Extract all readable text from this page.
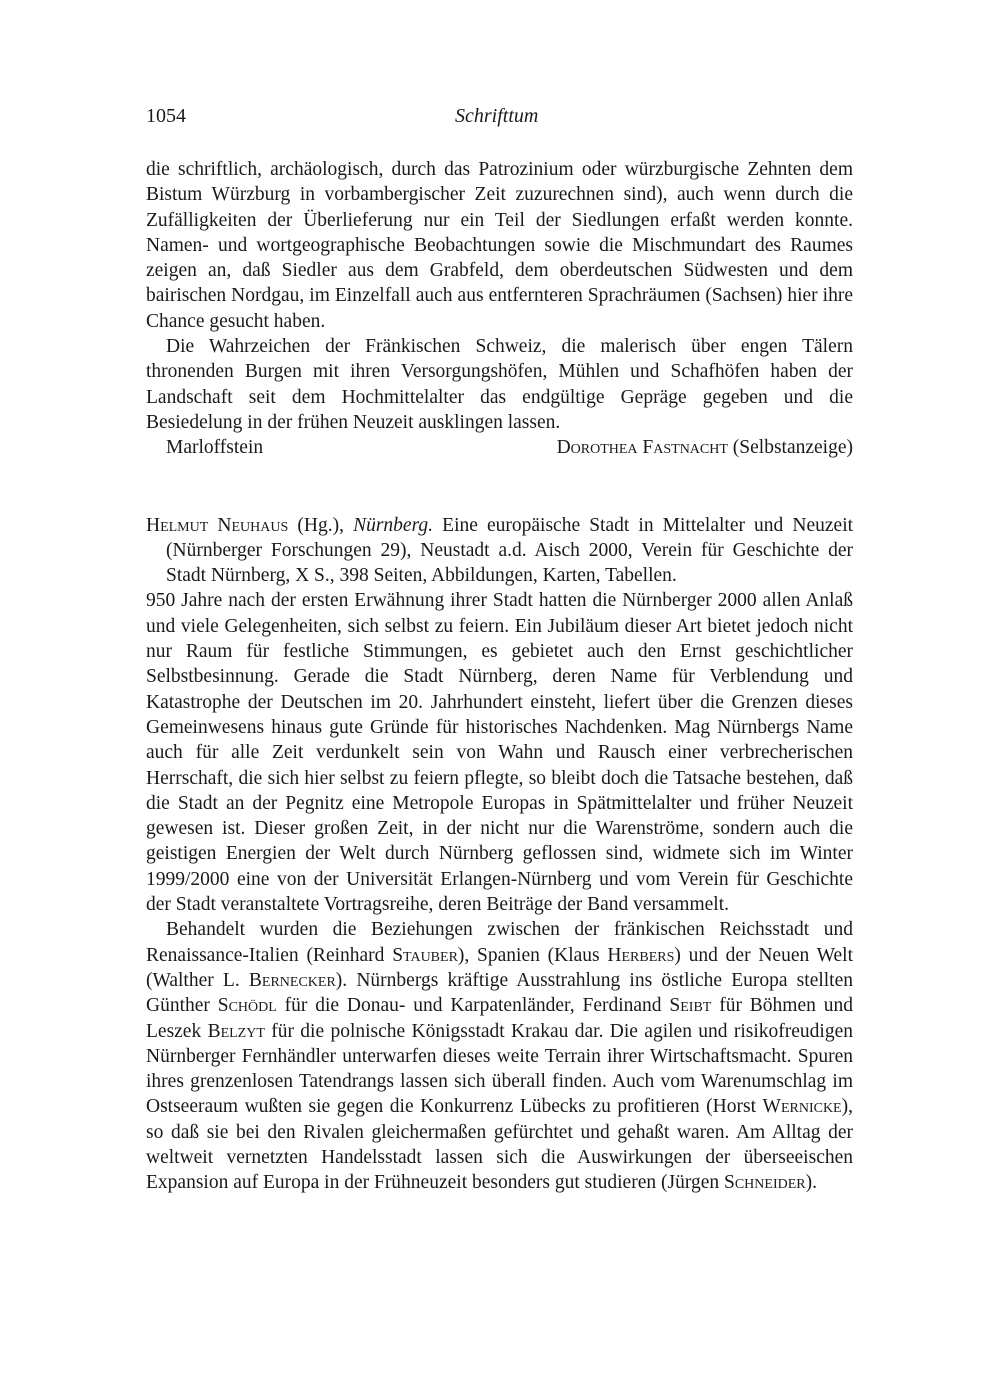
1054	Schrifttum

die schriftlich, archäologisch, durch das Patrozinium oder würzburgische Zehnten dem Bistum Würzburg in vorbambergischer Zeit zuzurechnen sind), auch wenn durch die Zufälligkeiten der Überlieferung nur ein Teil der Siedlungen erfaßt werden konnte. Namen- und wortgeographische Beobachtungen sowie die Mischmundart des Raumes zeigen an, daß Siedler aus dem Grabfeld, dem oberdeutschen Südwesten und dem bairischen Nordgau, im Einzelfall auch aus entfernteren Sprachräumen (Sachsen) hier ihre Chance gesucht haben.

Die Wahrzeichen der Fränkischen Schweiz, die malerisch über engen Tälern thronenden Burgen mit ihren Versorgungshöfen, Mühlen und Schafhöfen haben der Landschaft seit dem Hochmittelalter das endgültige Gepräge gegeben und die Besiedelung in der frühen Neuzeit ausklingen lassen.

Marloffstein	Dorothea Fastnacht (Selbstanzeige)

Helmut Neuhaus (Hg.), Nürnberg. Eine europäische Stadt in Mittelalter und Neuzeit (Nürnberger Forschungen 29), Neustadt a.d. Aisch 2000, Verein für Geschichte der Stadt Nürnberg, X S., 398 Seiten, Abbildungen, Karten, Tabellen.

950 Jahre nach der ersten Erwähnung ihrer Stadt hatten die Nürnberger 2000 allen Anlaß und viele Gelegenheiten, sich selbst zu feiern. Ein Jubiläum dieser Art bietet jedoch nicht nur Raum für festliche Stimmungen, es gebietet auch den Ernst geschichtlicher Selbstbesinnung. Gerade die Stadt Nürnberg, deren Name für Verblendung und Katastrophe der Deutschen im 20. Jahrhundert einsteht, liefert über die Grenzen dieses Gemeinwesens hinaus gute Gründe für historisches Nachdenken. Mag Nürnbergs Name auch für alle Zeit verdunkelt sein von Wahn und Rausch einer verbrecherischen Herrschaft, die sich hier selbst zu feiern pflegte, so bleibt doch die Tatsache bestehen, daß die Stadt an der Pegnitz eine Metropole Europas in Spätmittelalter und früher Neuzeit gewesen ist. Dieser großen Zeit, in der nicht nur die Warenströme, sondern auch die geistigen Energien der Welt durch Nürnberg geflossen sind, widmete sich im Winter 1999/2000 eine von der Universität Erlangen-Nürnberg und vom Verein für Geschichte der Stadt veranstaltete Vortragsreihe, deren Beiträge der Band versammelt.

Behandelt wurden die Beziehungen zwischen der fränkischen Reichsstadt und Renaissance-Italien (Reinhard Stauber), Spanien (Klaus Herbers) und der Neuen Welt (Walther L. Bernecker). Nürnbergs kräftige Ausstrahlung ins östliche Europa stellten Günther Schödl für die Donau- und Karpatenländer, Ferdinand Seibt für Böhmen und Leszek Belzyt für die polnische Königsstadt Krakau dar. Die agilen und risikofreudigen Nürnberger Fernhändler unterwarfen dieses weite Terrain ihrer Wirtschaftsmacht. Spuren ihres grenzenlosen Tatendrangs lassen sich überall finden. Auch vom Warenumschlag im Ostseeraum wußten sie gegen die Konkurrenz Lübecks zu profitieren (Horst Wernicke), so daß sie bei den Rivalen gleichermaßen gefürchtet und gehaßt waren. Am Alltag der weltweit vernetzten Handelsstadt lassen sich die Auswirkungen der überseeischen Expansion auf Europa in der Frühneuzeit besonders gut studieren (Jürgen Schneider).
